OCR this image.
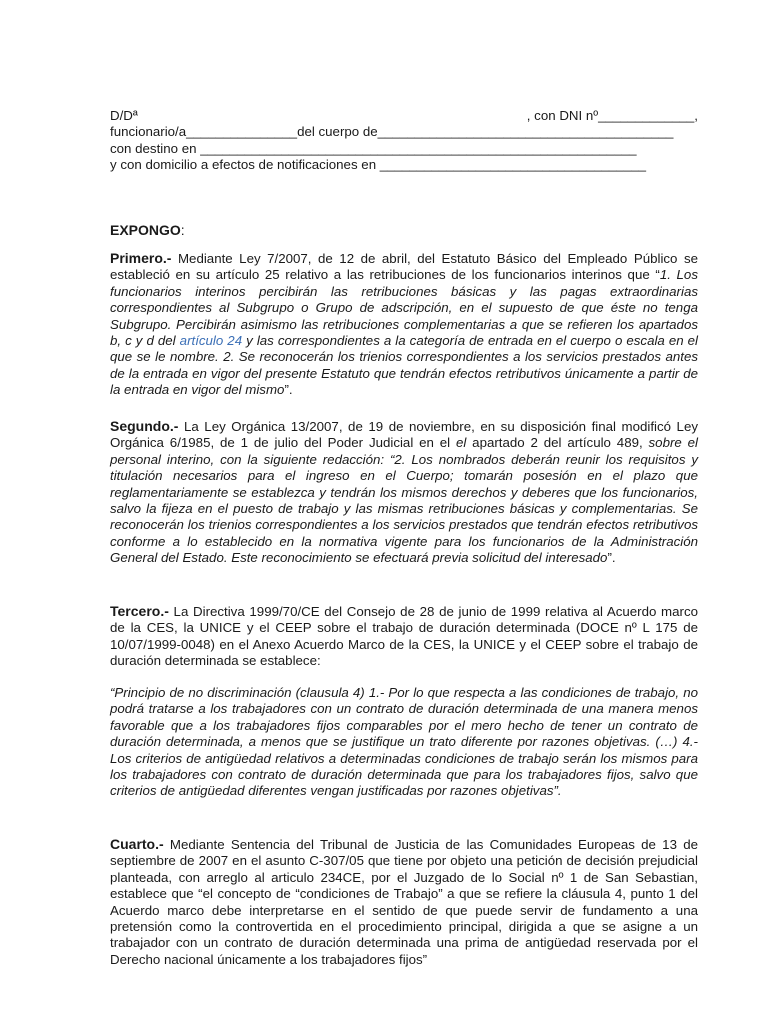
D/Dª	, con DNI nº_____________,
funcionario/a_______________del cuerpo de________________________________________
con destino en ___________________________________________________________
y con domicilio a efectos de notificaciones en ____________________________________
EXPONGO:

Primero.- Mediante Ley 7/2007, de 12 de abril, del Estatuto Básico del Empleado Público se estableció en su artículo 25 relativo a las retribuciones de los funcionarios interinos que “1. Los funcionarios interinos percibirán las retribuciones básicas y las pagas extraordinarias correspondientes al Subgrupo o Grupo de adscripción, en el supuesto de que éste no tenga Subgrupo. Percibirán asimismo las retribuciones complementarias a que se refieren los apartados b, c y d del artículo 24 y las correspondientes a la categoría de entrada en el cuerpo o escala en el que se le nombre. 2. Se reconocerán los trienios correspondientes a los servicios prestados antes de la entrada en vigor del presente Estatuto que tendrán efectos retributivos únicamente a partir de la entrada en vigor del mismo”.

Segundo.- La Ley Orgánica 13/2007, de 19 de noviembre, en su disposición final modificó Ley Orgánica 6/1985, de 1 de julio del Poder Judicial en el el apartado 2 del artículo 489, sobre el personal interino, con la siguiente redacción: “2. Los nombrados deberán reunir los requisitos y titulación necesarios para el ingreso en el Cuerpo; tomarán posesión en el plazo que reglamentariamente se establezca y tendrán los mismos derechos y deberes que los funcionarios, salvo la fijeza en el puesto de trabajo y las mismas retribuciones básicas y complementarias. Se reconocerán los trienios correspondientes a los servicios prestados que tendrán efectos retributivos conforme a lo establecido en la normativa vigente para los funcionarios de la Administración General del Estado. Este reconocimiento se efectuará previa solicitud del interesado”.

Tercero.- La Directiva 1999/70/CE del Consejo de 28 de junio de 1999 relativa al Acuerdo marco de la CES, la UNICE y el CEEP sobre el trabajo de duración determinada (DOCE nº L 175 de 10/07/1999-0048) en el Anexo Acuerdo Marco de la CES, la UNICE y el CEEP sobre el trabajo de duración determinada se establece:

“Principio de no discriminación (clausula 4) 1.- Por lo que respecta a las condiciones de trabajo, no podrá tratarse a los trabajadores con un contrato de duración determinada de una manera menos favorable que a los trabajadores fijos comparables por el mero hecho de tener un contrato de duración determinada, a menos que se justifique un trato diferente por razones objetivas. (…) 4.- Los criterios de antigüedad relativos a determinadas condiciones de trabajo serán los mismos para los trabajadores con contrato de duración determinada que para los trabajadores fijos, salvo que criterios de antigüedad diferentes vengan justificadas por razones objetivas”.

Cuarto.- Mediante Sentencia del Tribunal de Justicia de las Comunidades Europeas de 13 de septiembre de 2007 en el asunto C-307/05 que tiene por objeto una petición de decisión prejudicial planteada, con arreglo al articulo 234CE, por el Juzgado de lo Social nº 1 de San Sebastian, establece que “el concepto de “condiciones de Trabajo” a que se refiere la cláusula 4, punto 1 del Acuerdo marco debe interpretarse en el sentido de que puede servir de fundamento a una pretensión como la controvertida en el procedimiento principal, dirigida a que se asigne a un trabajador con un contrato de duración determinada una prima de antigüedad reservada por el Derecho nacional únicamente a los trabajadores fijos”
